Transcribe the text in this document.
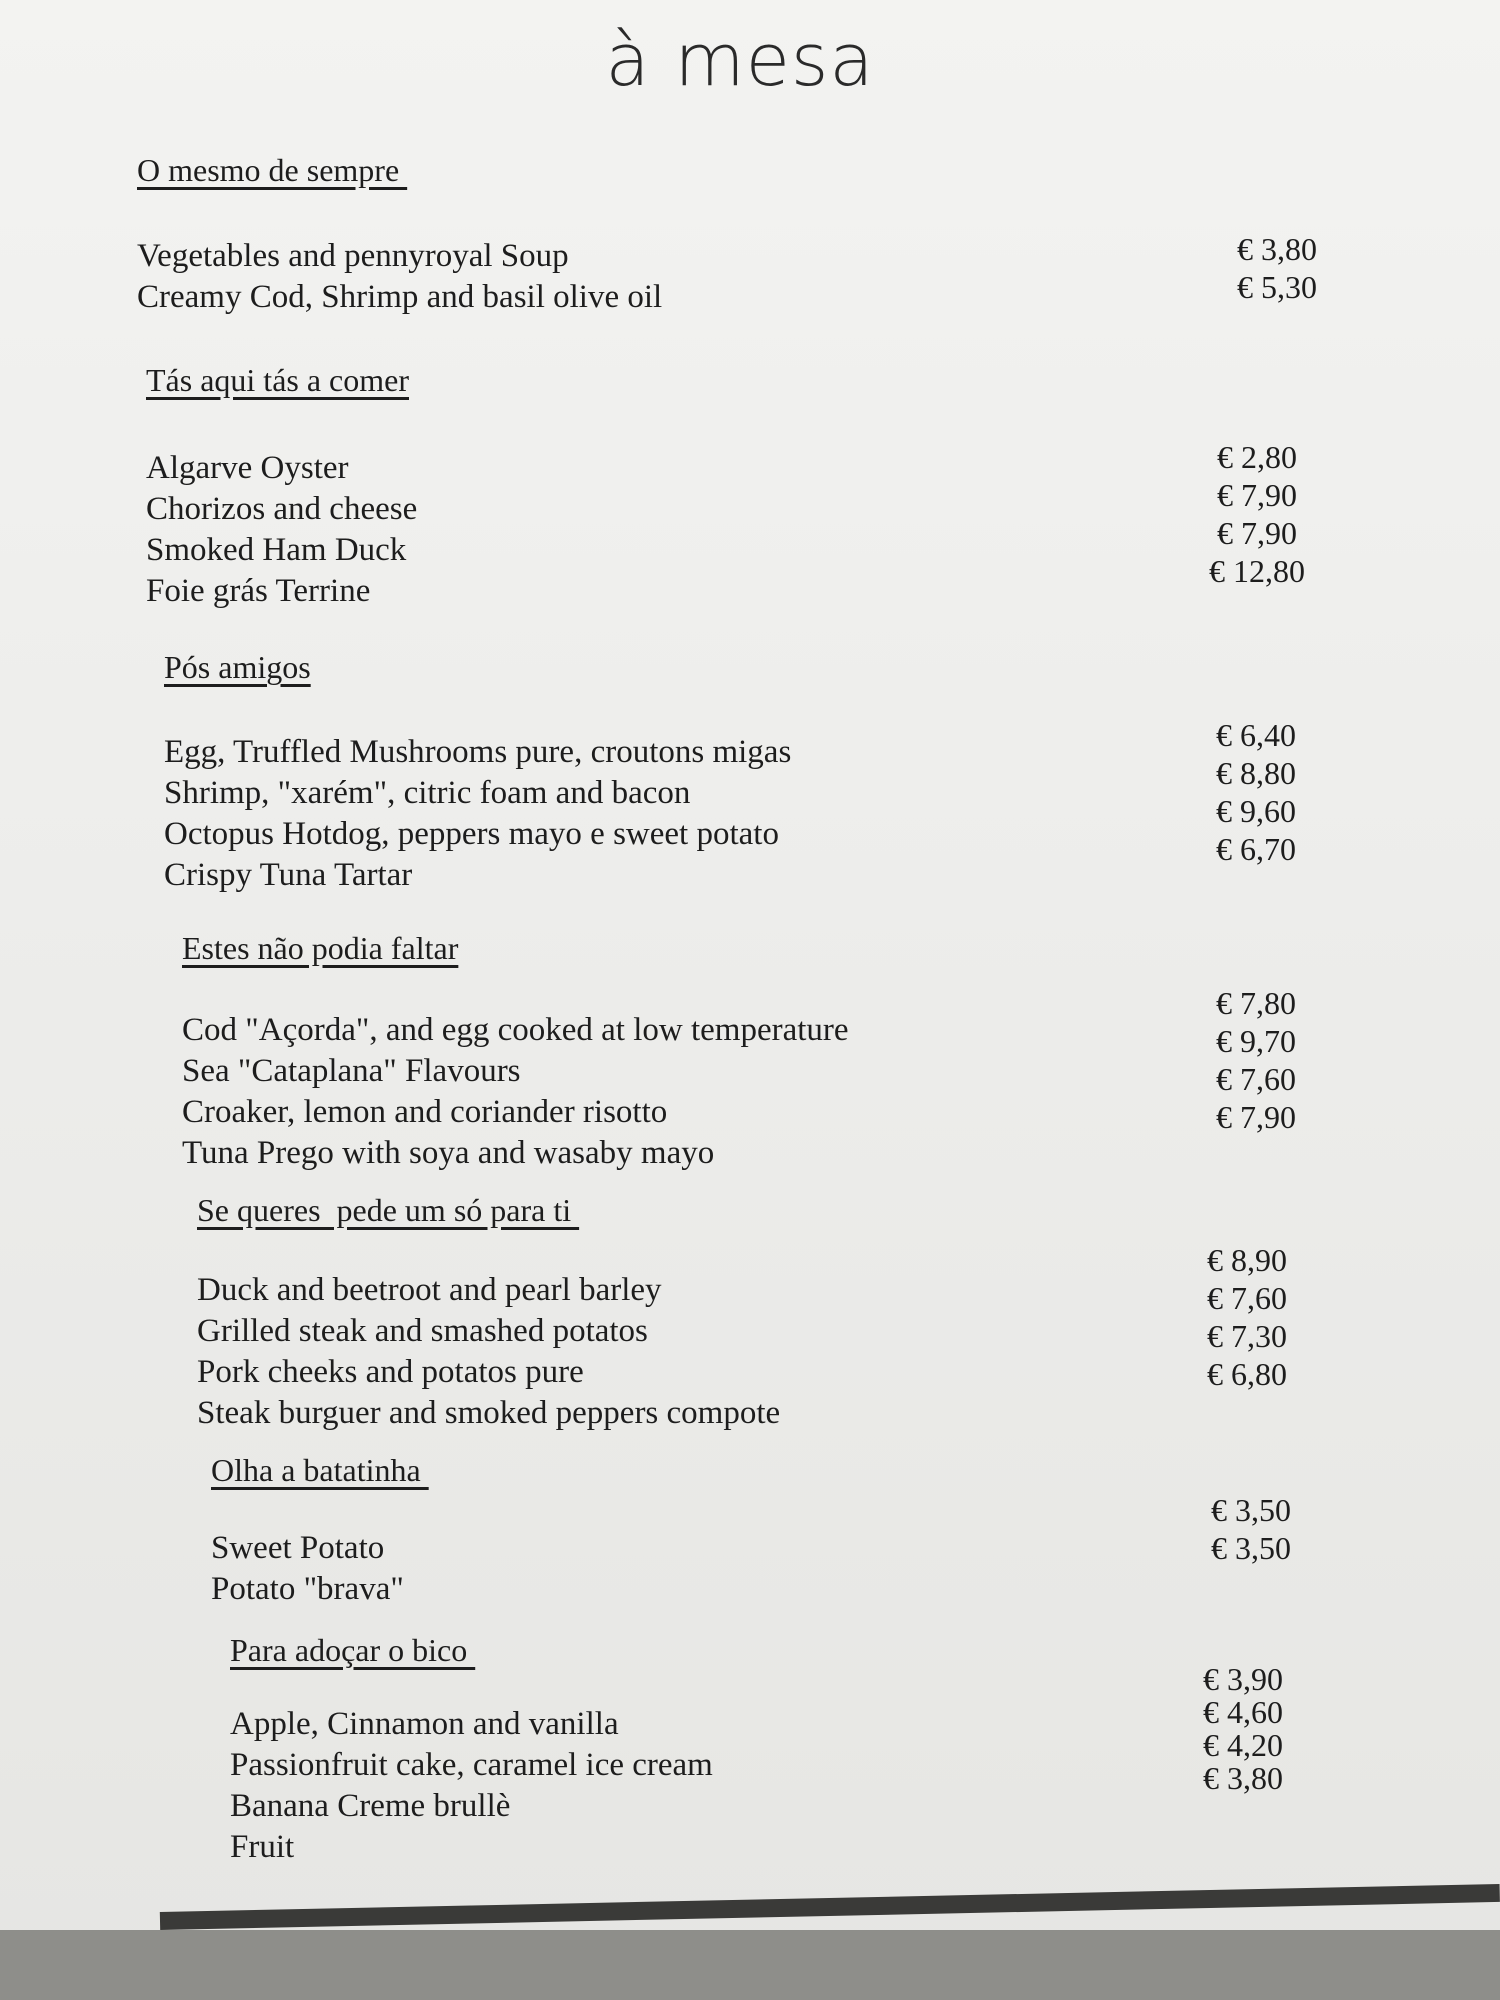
à mesa
O mesmo de sempre
Vegetables and pennyroyal Soup
Creamy Cod, Shrimp and basil olive oil
€ 3,80
€ 5,30
Tás aqui tás a comer
Algarve Oyster
Chorizos and cheese
Smoked Ham Duck
Foie grás Terrine
€ 2,80
€ 7,90
€ 7,90
€ 12,80
Pós amigos
Egg, Truffled Mushrooms pure, croutons migas
Shrimp, "xarém", citric foam and bacon
Octopus Hotdog, peppers mayo e sweet potato
Crispy Tuna Tartar
€ 6,40
€ 8,80
€ 9,60
€ 6,70
Estes não podia faltar
Cod "Açorda", and egg cooked at low temperature
Sea "Cataplana" Flavours
Croaker, lemon and coriander risotto
Tuna Prego with soya and wasaby mayo
€ 7,80
€ 9,70
€ 7,60
€ 7,90
Se queres  pede um só para ti
Duck and beetroot and pearl barley
Grilled steak and smashed potatos
Pork cheeks and potatos pure
Steak burguer and smoked peppers compote
€ 8,90
€ 7,60
€ 7,30
€ 6,80
Olha a batatinha
Sweet Potato
Potato "brava"
€ 3,50
€ 3,50
Para adoçar o bico
Apple, Cinnamon and vanilla
Passionfruit cake, caramel ice cream
Banana Creme brullè
Fruit
€ 3,90
€ 4,60
€ 4,20
€ 3,80
